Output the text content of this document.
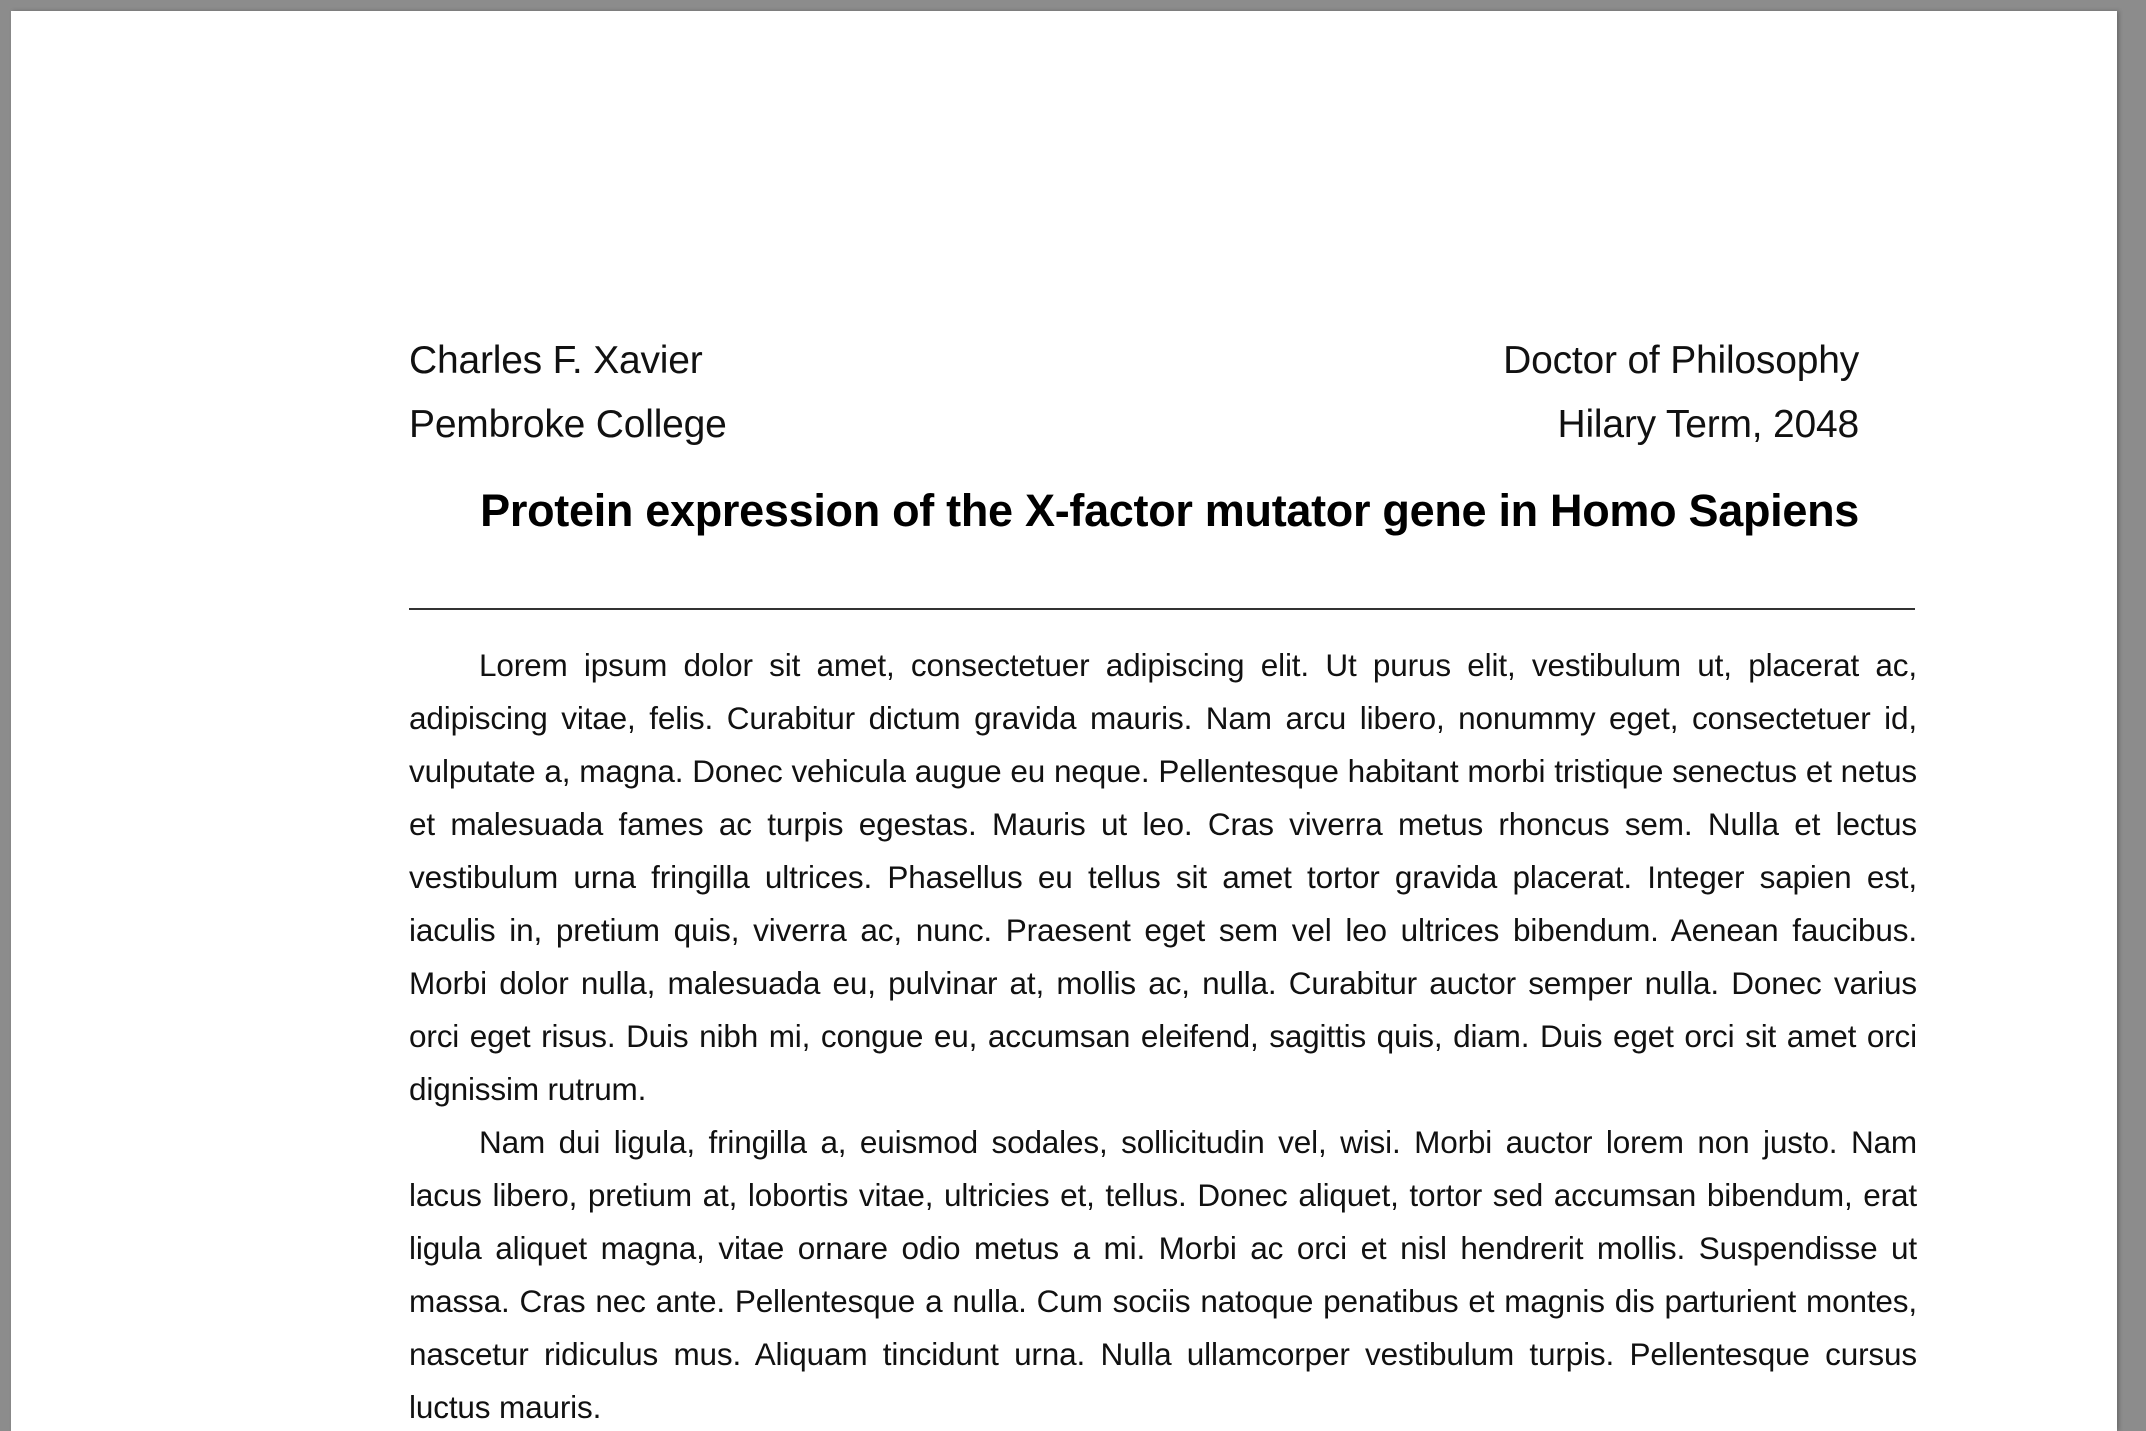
Charles F. Xavier	Doctor of Philosophy
Pembroke College	Hilary Term, 2048
Protein expression of the X-factor mutator gene in Homo Sapiens

Lorem ipsum dolor sit amet, consectetuer adipiscing elit. Ut purus elit, vestibulum ut, placerat ac, adipiscing vitae, felis. Curabitur dictum gravida mauris. Nam arcu libero, nonummy eget, consectetuer id, vulputate a, magna. Donec vehicula augue eu neque. Pellentesque habitant morbi tristique senectus et netus et malesuada fames ac turpis egestas. Mauris ut leo. Cras viverra metus rhoncus sem. Nulla et lectus vestibulum urna fringilla ultrices. Phasellus eu tellus sit amet tortor gravida placerat. Integer sapien est, iaculis in, pretium quis, viverra ac, nunc. Praesent eget sem vel leo ultrices bibendum. Aenean faucibus. Morbi dolor nulla, malesuada eu, pulvinar at, mollis ac, nulla. Curabitur auctor semper nulla. Donec varius orci eget risus. Duis nibh mi, congue eu, accumsan eleifend, sagittis quis, diam. Duis eget orci sit amet orci dignissim rutrum.

Nam dui ligula, fringilla a, euismod sodales, sollicitudin vel, wisi. Morbi auctor lorem non justo. Nam lacus libero, pretium at, lobortis vitae, ultricies et, tellus. Donec aliquet, tortor sed accumsan bibendum, erat ligula aliquet magna, vitae ornare odio metus a mi. Morbi ac orci et nisl hendrerit mollis. Suspendisse ut massa. Cras nec ante. Pellentesque a nulla. Cum sociis natoque penatibus et magnis dis parturient montes, nascetur ridiculus mus. Aliquam tincidunt urna. Nulla ullamcorper vestibulum turpis. Pellentesque cursus luctus mauris.
